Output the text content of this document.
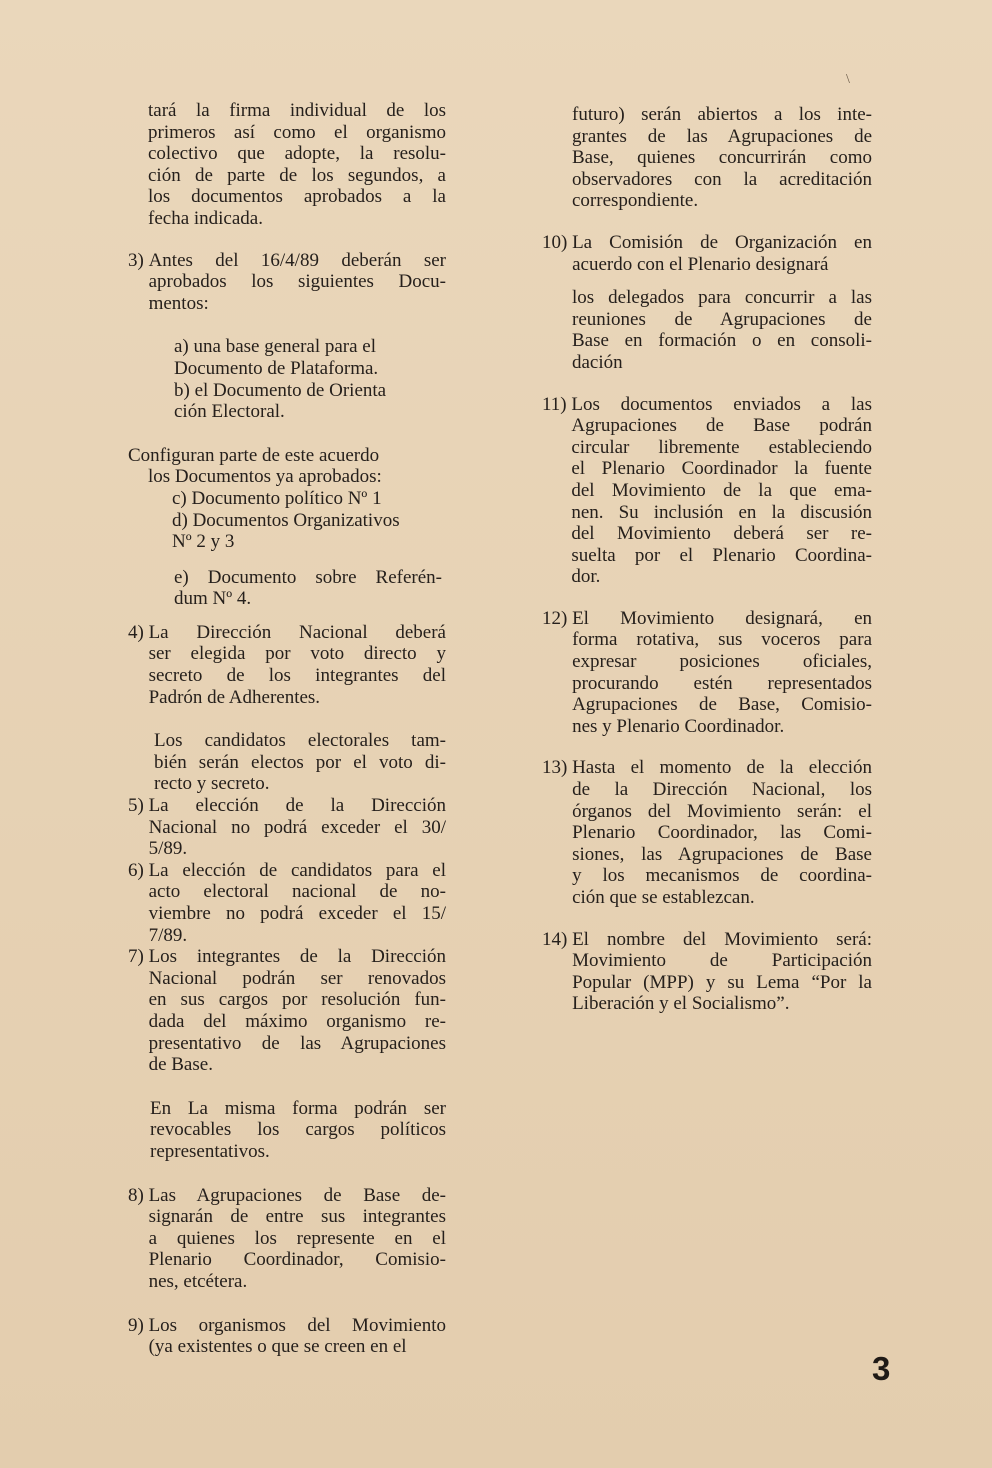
\
tará la firma individual de los
primeros así como el organismo
colectivo que adopte, la resolu-
ción de parte de los segundos, a
los documentos aprobados a la
fecha indicada.
3) Antes del 16/4/89 deberán ser
aprobados los siguientes Docu-
mentos:
a) una base general para el
Documento de Plataforma.
b) el Documento de Orienta
ción Electoral.
Configuran parte de este acuerdo
los Documentos ya aprobados:
c) Documento político Nº 1
d) Documentos Organizativos
Nº 2 y 3
e) Documento sobre Referén-
dum Nº 4.
4) La Dirección Nacional deberá
ser elegida por voto directo y
secreto de los integrantes del
Padrón de Adherentes.
Los candidatos electorales tam-
bién serán electos por el voto di-
recto y secreto.
5) La elección de la Dirección
Nacional no podrá exceder el 30/
5/89.
6) La elección de candidatos para el
acto electoral nacional de no-
viembre no podrá exceder el 15/
7/89.
7) Los integrantes de la Dirección
Nacional podrán ser renovados
en sus cargos por resolución fun-
dada del máximo organismo re-
presentativo de las Agrupaciones
de Base.
En La misma forma podrán ser
revocables los cargos políticos
representativos.
8) Las Agrupaciones de Base de-
signarán de entre sus integrantes
a quienes los represente en el
Plenario Coordinador, Comisio-
nes, etcétera.
9) Los organismos del Movimiento
(ya existentes o que se creen en el
futuro) serán abiertos a los inte-
grantes de las Agrupaciones de
Base, quienes concurrirán como
observadores con la acreditación
correspondiente.
10) La Comisión de Organización en
acuerdo con el Plenario designará
los delegados para concurrir a las
reuniones de Agrupaciones de
Base en formación o en consoli-
dación
11) Los documentos enviados a las
Agrupaciones de Base podrán
circular libremente estableciendo
el Plenario Coordinador la fuente
del Movimiento de la que ema-
nen. Su inclusión en la discusión
del Movimiento deberá ser re-
suelta por el Plenario Coordina-
dor.
12) El Movimiento designará, en
forma rotativa, sus voceros para
expresar posiciones oficiales,
procurando estén representados
Agrupaciones de Base, Comisio-
nes y Plenario Coordinador.
13) Hasta el momento de la elección
de la Dirección Nacional, los
órganos del Movimiento serán: el
Plenario Coordinador, las Comi-
siones, las Agrupaciones de Base
y los mecanismos de coordina-
ción que se establezcan.
14) El nombre del Movimiento será:
Movimiento de Participación
Popular (MPP) y su Lema “Por la
Liberación y el Socialismo”.
3
